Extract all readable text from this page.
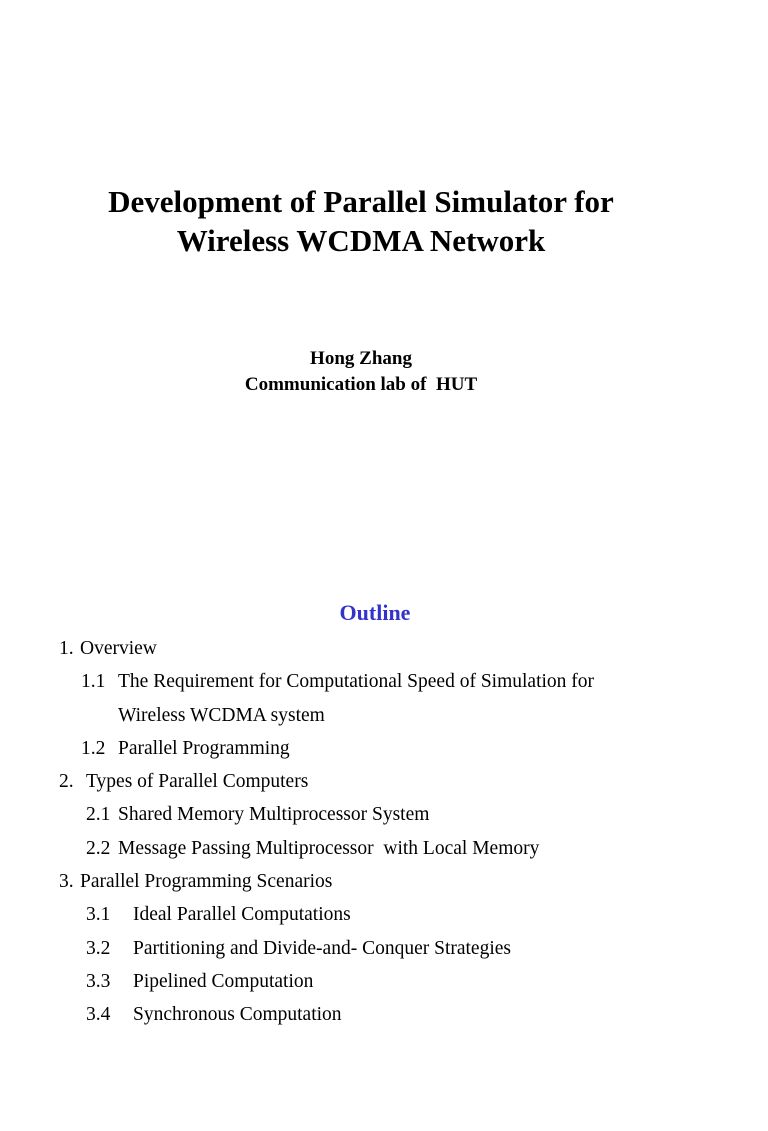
Development of Parallel Simulator for
Wireless WCDMA Network
Hong Zhang
Communication lab of  HUT
Outline

1.

Overview

1.1

The Requirement for Computational Speed of Simulation for

Wireless WCDMA system

1.2

Parallel Programming

2.

Types of Parallel Computers

2.1

Shared Memory Multiprocessor System

2.2

Message Passing Multiprocessor  with Local Memory

3.

Parallel Programming Scenarios

3.1

Ideal Parallel Computations

3.2

Partitioning and Divide-and- Conquer Strategies

3.3

Pipelined Computation

3.4

Synchronous Computation
